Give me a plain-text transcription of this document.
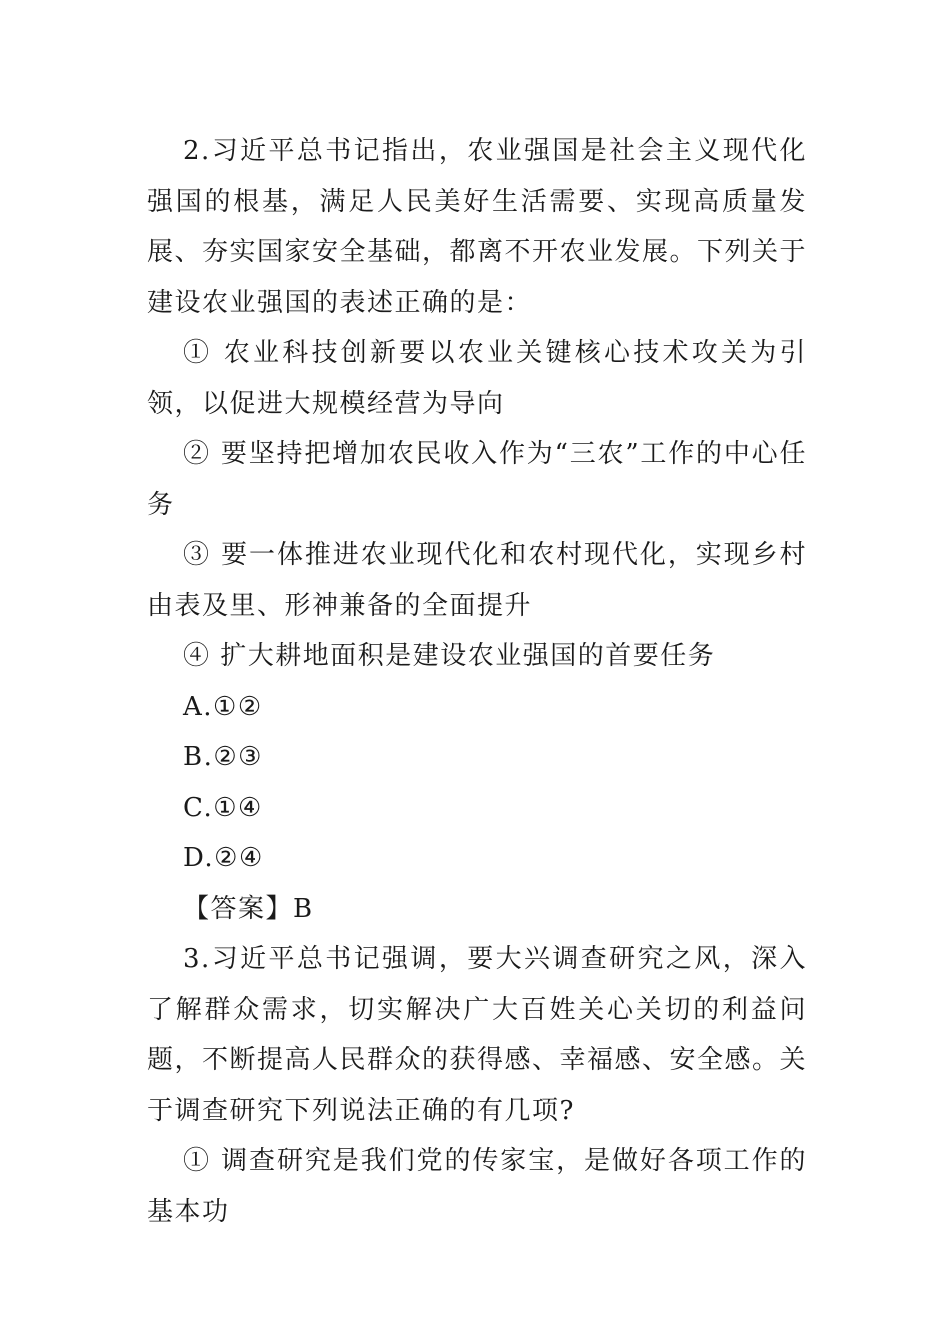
2.习近平总书记指出，农业强国是社会主义现代化强国的根基，满足人民美好生活需要、实现高质量发展、夯实国家安全基础，都离不开农业发展。下列关于建设农业强国的表述正确的是：

① 农业科技创新要以农业关键核心技术攻关为引领，以促进大规模经营为导向

② 要坚持把增加农民收入作为“三农”工作的中心任务

③ 要一体推进农业现代化和农村现代化，实现乡村由表及里、形神兼备的全面提升

④ 扩大耕地面积是建设农业强国的首要任务

A.①②

B.②③

C.①④

D.②④

【答案】B

3.习近平总书记强调，要大兴调查研究之风，深入了解群众需求，切实解决广大百姓关心关切的利益问题，不断提高人民群众的获得感、幸福感、安全感。关于调查研究下列说法正确的有几项?

① 调查研究是我们党的传家宝，是做好各项工作的基本功
